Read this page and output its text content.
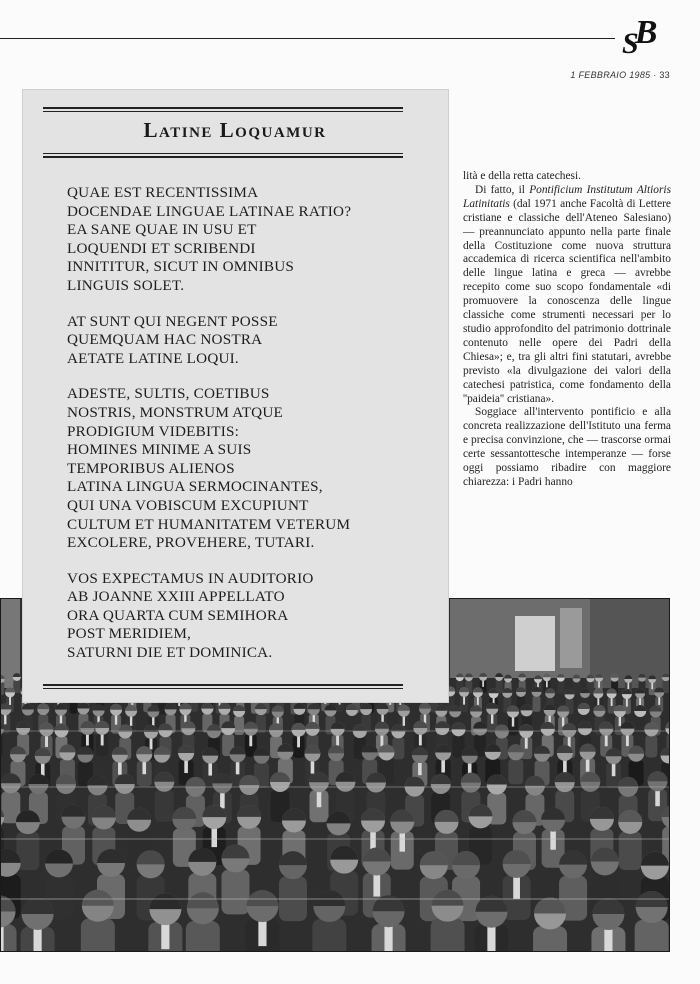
SB
1 FEBBRAIO 1985 · 33
Latine Loquamur

QUAE EST RECENTISSIMA
DOCENDAE LINGUAE LATINAE RATIO?
EA SANE QUAE IN USU ET
LOQUENDI ET SCRIBENDI
INNITITUR, SICUT IN OMNIBUS
LINGUIS SOLET.

AT SUNT QUI NEGENT POSSE
QUEMQUAM HAC NOSTRA
AETATE LATINE LOQUI.

ADESTE, SULTIS, COETIBUS
NOSTRIS, MONSTRUM ATQUE
PRODIGIUM VIDEBITIS:
HOMINES MINIME A SUIS
TEMPORIBUS ALIENOS
LATINA LINGUA SERMOCINANTES,
QUI UNA VOBISCUM EXCUPIUNT
CULTUM ET HUMANITATEM VETERUM
EXCOLERE, PROVEHERE, TUTARI.

VOS EXPECTAMUS IN AUDITORIO
AB JOANNE XXIII APPELLATO
ORA QUARTA CUM SEMIHORA
POST MERIDIEM,
SATURNI DIE ET DOMINICA.

lità e della retta catechesi.

Di fatto, il Pontificium Institutum Altioris Latinitatis (dal 1971 anche Facoltà di Lettere cristiane e classiche dell'Ateneo Salesiano) — preannunciato appunto nella parte finale della Costituzione come nuova struttura accademica di ricerca scientifica nell'ambito delle lingue latina e greca — avrebbe recepito come suo scopo fondamentale «di promuovere la conoscenza delle lingue classiche come strumenti necessari per lo studio approfondito del patrimonio dottrinale contenuto nelle opere dei Padri della Chiesa»; e, tra gli altri fini statutari, avrebbe previsto «la divulgazione dei valori della catechesi patristica, come fondamento della ''paideia'' cristiana».

Soggiace all'intervento pontificio e alla concreta realizzazione dell'Istituto una ferma e precisa convinzione, che — trascorse ormai certe sessantottesche intemperanze — forse oggi possiamo ribadire con maggiore chiarezza: i Padri hanno
